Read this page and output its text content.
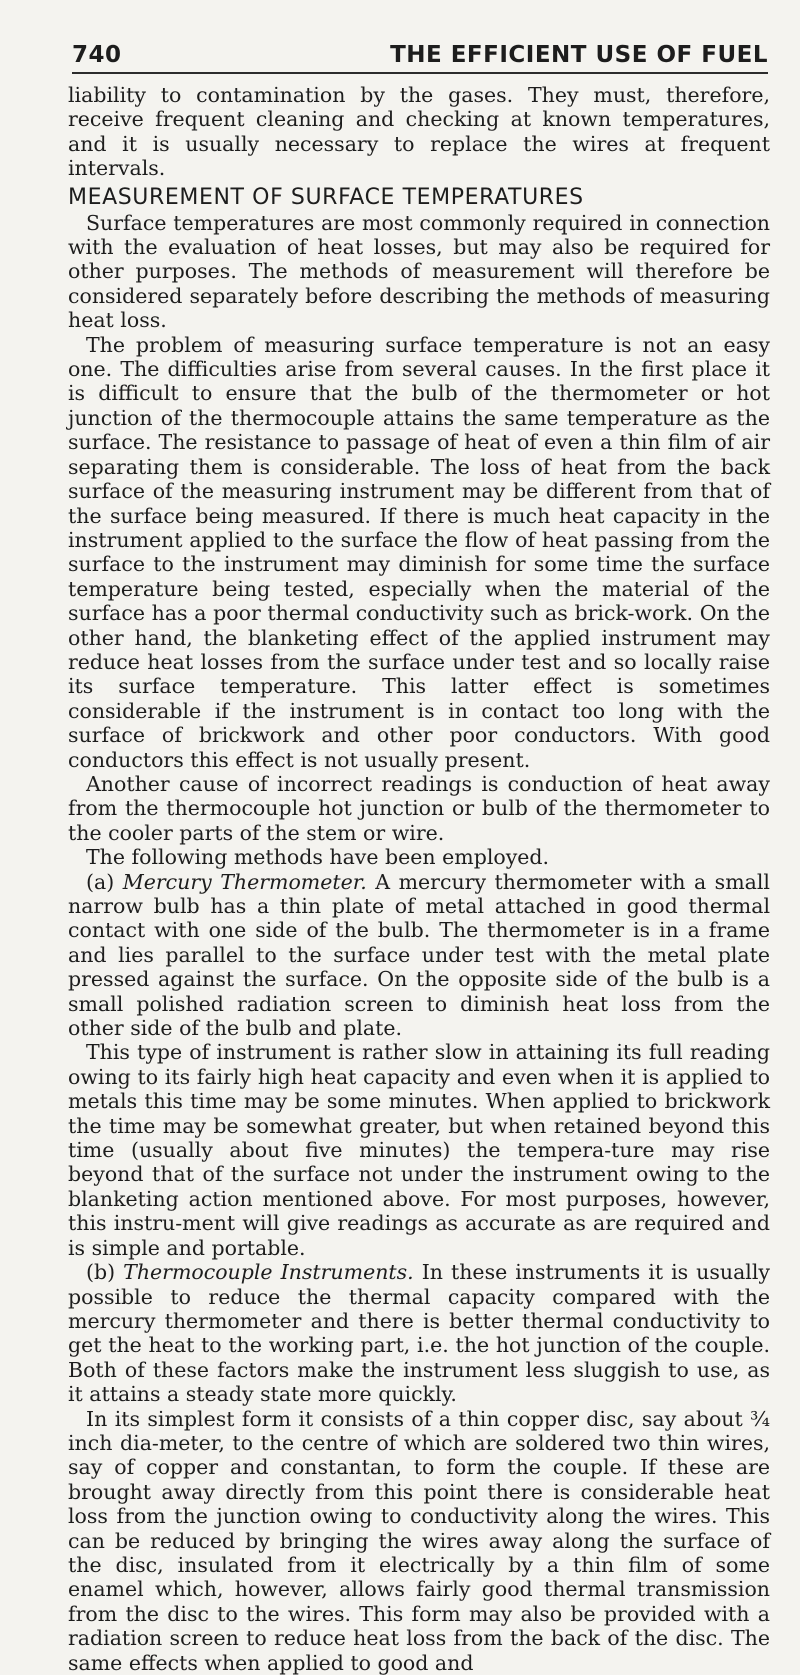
740	THE EFFICIENT USE OF FUEL

liability to contamination by the gases. They must, therefore, receive frequent cleaning and checking at known temperatures, and it is usually necessary to replace the wires at frequent intervals.

MEASUREMENT OF SURFACE TEMPERATURES

Surface temperatures are most commonly required in connection with the evaluation of heat losses, but may also be required for other purposes. The methods of measurement will therefore be considered separately before describing the methods of measuring heat loss.

The problem of measuring surface temperature is not an easy one. The difficulties arise from several causes. In the first place it is difficult to ensure that the bulb of the thermometer or hot junction of the thermocouple attains the same temperature as the surface. The resistance to passage of heat of even a thin film of air separating them is considerable. The loss of heat from the back surface of the measuring instrument may be different from that of the surface being measured. If there is much heat capacity in the instrument applied to the surface the flow of heat passing from the surface to the instrument may diminish for some time the surface temperature being tested, especially when the material of the surface has a poor thermal conductivity such as brick-work. On the other hand, the blanketing effect of the applied instrument may reduce heat losses from the surface under test and so locally raise its surface temperature. This latter effect is sometimes considerable if the instrument is in contact too long with the surface of brickwork and other poor conductors. With good conductors this effect is not usually present.

Another cause of incorrect readings is conduction of heat away from the thermocouple hot junction or bulb of the thermometer to the cooler parts of the stem or wire.

The following methods have been employed.

(a) Mercury Thermometer. A mercury thermometer with a small narrow bulb has a thin plate of metal attached in good thermal contact with one side of the bulb. The thermometer is in a frame and lies parallel to the surface under test with the metal plate pressed against the surface. On the opposite side of the bulb is a small polished radiation screen to diminish heat loss from the other side of the bulb and plate.

This type of instrument is rather slow in attaining its full reading owing to its fairly high heat capacity and even when it is applied to metals this time may be some minutes. When applied to brickwork the time may be somewhat greater, but when retained beyond this time (usually about five minutes) the tempera-ture may rise beyond that of the surface not under the instrument owing to the blanketing action mentioned above. For most purposes, however, this instru-ment will give readings as accurate as are required and is simple and portable.

(b) Thermocouple Instruments. In these instruments it is usually possible to reduce the thermal capacity compared with the mercury thermometer and there is better thermal conductivity to get the heat to the working part, i.e. the hot junction of the couple. Both of these factors make the instrument less sluggish to use, as it attains a steady state more quickly.

In its simplest form it consists of a thin copper disc, say about ¾ inch dia-meter, to the centre of which are soldered two thin wires, say of copper and constantan, to form the couple. If these are brought away directly from this point there is considerable heat loss from the junction owing to conductivity along the wires. This can be reduced by bringing the wires away along the surface of the disc, insulated from it electrically by a thin film of some enamel which, however, allows fairly good thermal transmission from the disc to the wires. This form may also be provided with a radiation screen to reduce heat loss from the back of the disc. The same effects when applied to good and
